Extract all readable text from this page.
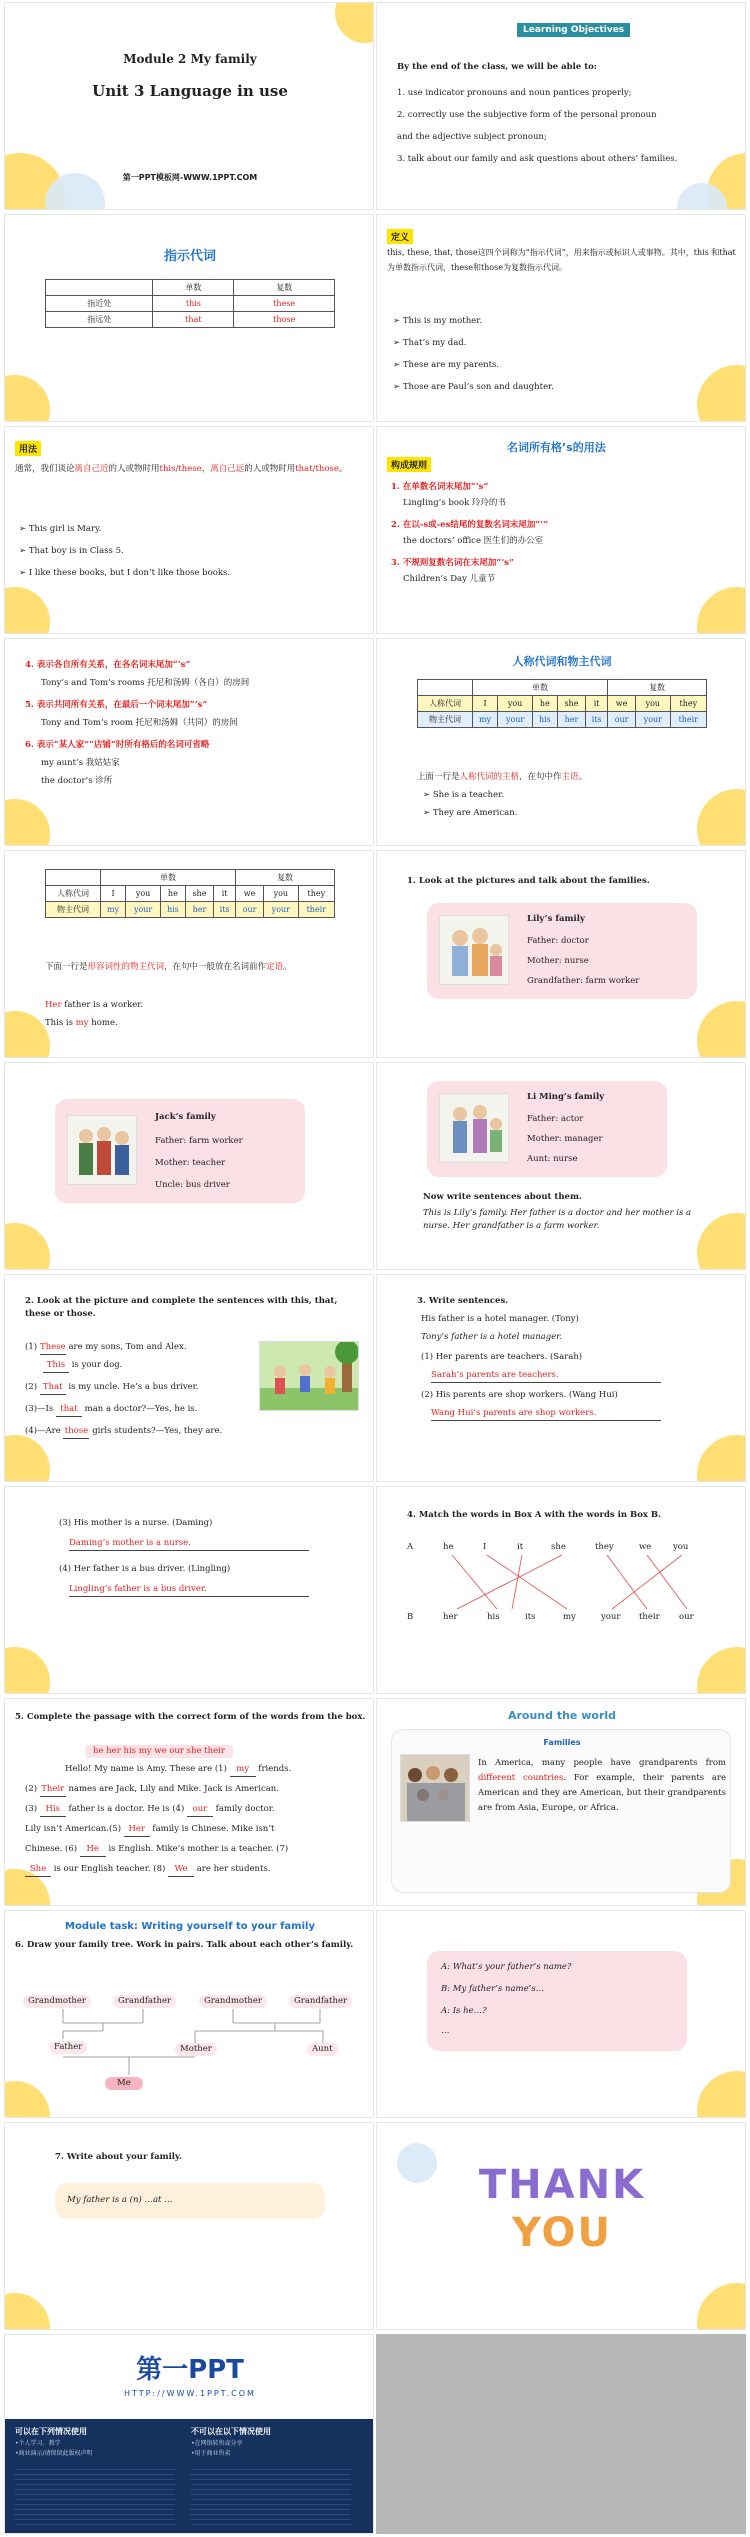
Module 2 My family
Unit 3 Language in use
第一PPT模板网-WWW.1PPT.COM
Learning Objectives
By the end of the class, we will be able to:
1. use indicator pronouns and noun pantices properly;
2. correctly use the subjective form of the personal pronoun
and the adjective subject pronoun;
3. talk about our family and ask questions about others’ families.
指示代词
	单数	复数
指近处	this	these
指远处	that	those
定义
this, these, that, those这四个词称为“指示代词”，用来指示或标识人或事物。其中，this 和that 为单数指示代词，these和those为复数指示代词。
➢ This is my mother.
➢ That’s my dad.
➢ These are my parents.
➢ Those are Paul’s son and daughter.
用法
通常，我们谈论离自己近的人或物时用this/these，离自己远的人或物时用that/those。
➢ This girl is Mary.
➢ That boy is in Class 5.
➢ I like these books, but I don’t like those books.
名词所有格’s的用法
构成规则
1. 在单数名词末尾加“’s”
Lingling’s book 玲玲的书
2. 在以-s或-es结尾的复数名词末尾加“’”
the doctors’ office 医生们的办公室
3. 不规则复数名词在末尾加“’s”
Children’s Day 儿童节
4. 表示各自所有关系，在各名词末尾加“’s”
Tony’s and Tom’s rooms 托尼和汤姆（各自）的房间
5. 表示共同所有关系，在最后一个词末尾加“’s”
Tony and Tom’s room 托尼和汤姆（共同）的房间
6. 表示“某人家”“店铺”时所有格后的名词可省略
my aunt’s 我姑姑家
the doctor’s 诊所
人称代词和物主代词
	单数					复数		
人称代词	I	you	he	she	it	we	you	they
物主代词	my	your	his	her	its	our	your	their
上面一行是人称代词的主格，在句中作主语。
➢ She is a teacher.
➢ They are American.
	单数					复数		
人称代词	I	you	he	she	it	we	you	they
物主代词	my	your	his	her	its	our	your	their
下面一行是形容词性的物主代词，在句中一般放在名词前作定语。
Her father is a worker.
This is my home.
1. Look at the pictures and talk about the families.
Lily’s family
Father: doctor
Mother: nurse
Grandfather: farm worker
Jack’s family
Father: farm worker
Mother: teacher
Uncle: bus driver
Li Ming’s family
Father: actor
Mother: manager
Aunt: nurse
Now write sentences about them.
This is Lily’s family. Her father is a doctor and her mother is a nurse. Her grandfather is a farm worker.
2. Look at the picture and complete the sentences with this, that, these or those.
(1) These are my sons, Tom and Alex.
This is your dog.
(2) That is my uncle. He’s a bus driver.
(3)—Is that man a doctor?—Yes, he is.
(4)—Are those girls students?—Yes, they are.
3. Write sentences.
His father is a hotel manager. (Tony)
Tony’s father is a hotel manager.
(1) Her parents are teachers. (Sarah)
Sarah’s parents are teachers.
(2) His parents are shop workers. (Wang Hui)
Wang Hui’s parents are shop workers.
(3) His mother is a nurse. (Daming)
Daming’s mother is a nurse.
(4) Her father is a bus driver. (Lingling)
Lingling’s father is a bus driver.
4. Match the words in Box A with the words in Box B.
A	he	I	it	she	they	we	you
B	her	his	its	my	your their our
5. Complete the passage with the correct form of the words from the box.
he her his my we our she their
Hello! My name is Amy. These are (1) my friends.
(2) Their names are Jack, Lily and Mike. Jack is American.
(3) His father is a doctor. He is (4) our family doctor.
Lily isn’t American.(5) Her family is Chinese. Mike isn’t
Chinese. (6) He is English. Mike’s mother is a teacher. (7)
She is our English teacher. (8) We are her students.
Around the world
Families
In America, many people have grandparents from different countries. For example, their parents are American and they are American, but their grandparents are from Asia, Europe, or Africa.
Module task: Writing yourself to your family
6. Draw your family tree. Work in pairs. Talk about each other’s family.
Grandmother	Grandfather	Grandmother	Grandfather
Father	Mother	Aunt
Me
A: What’s your father’s name?
B: My father’s name’s…
A: Is he…?
…
7. Write about your family.
My father is a (n) …at …	THANK
YOU
第一PPT
HTTP://WWW.1PPT.COM
可以在下列情况使用
•个人学习、教学
•商业演示/请保留此版权声明
不可以在以下情况使用
•在网络转售或分享
•用于商业售卖
